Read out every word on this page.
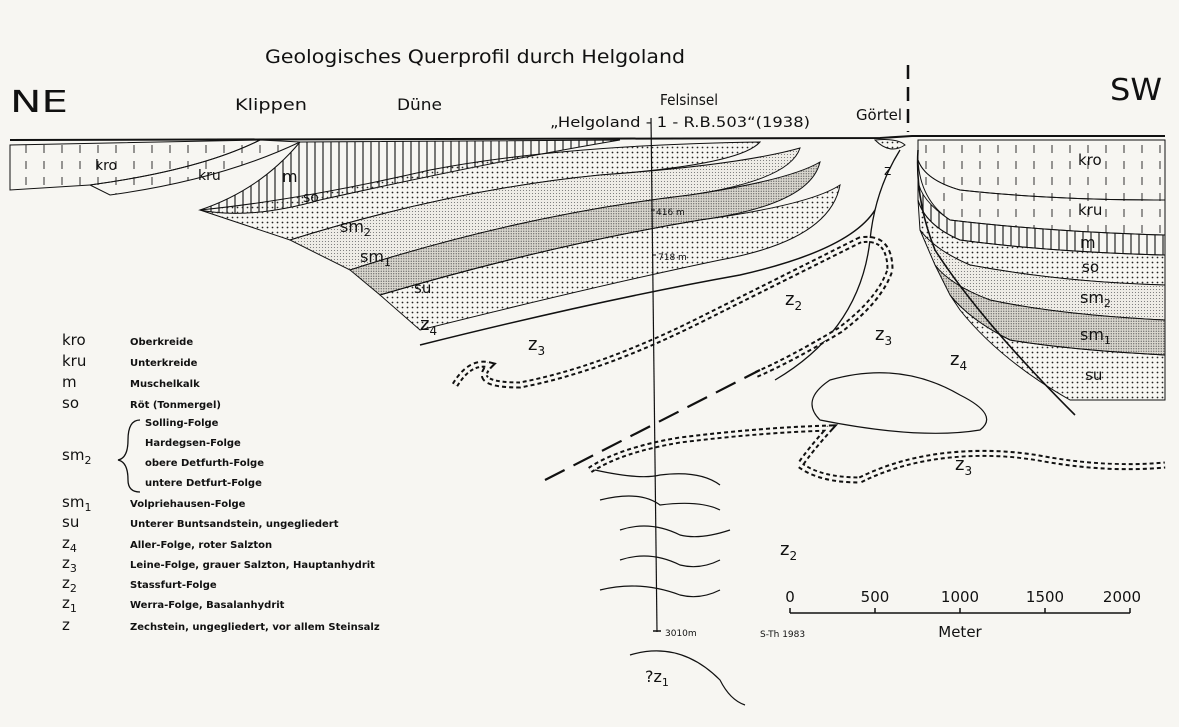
Geologisches Querprofil durch Helgoland
NE	SW
Klippen	Düne	Felsinsel
„Helgoland - 1 - R.B.503“(1938)	Görtel
416 m
718 m
3010m
kro
kru	m
so
$sm_2$
$sm_1$
su
$z_4$
$z_3$
$z_2$
$z_3$
$z_4$
$z_3$
$z_2$
z
$?z_1$
kro
kru
m
so
$sm_2$
$sm_1$
su
kro	Oberkreide
kru	Unterkreide
m	Muschelkalk
so	Röt (Tonmergel)
$sm_2$
Solling-Folge
Hardegsen-Folge
obere Detfurth-Folge
untere Detfurt-Folge
$sm_1$	Volpriehausen-Folge
su	Unterer Buntsandstein, ungegliedert
$z_4$	Aller-Folge, roter Salzton
$z_3$	Leine-Folge, grauer Salzton, Hauptanhydrit
$z_2$	Stassfurt-Folge
$z_1$	Werra-Folge, Basalanhydrit
z	Zechstein, ungegliedert, vor allem Steinsalz
0	500	1000	1500	2000
Meter
S-Th 1983
